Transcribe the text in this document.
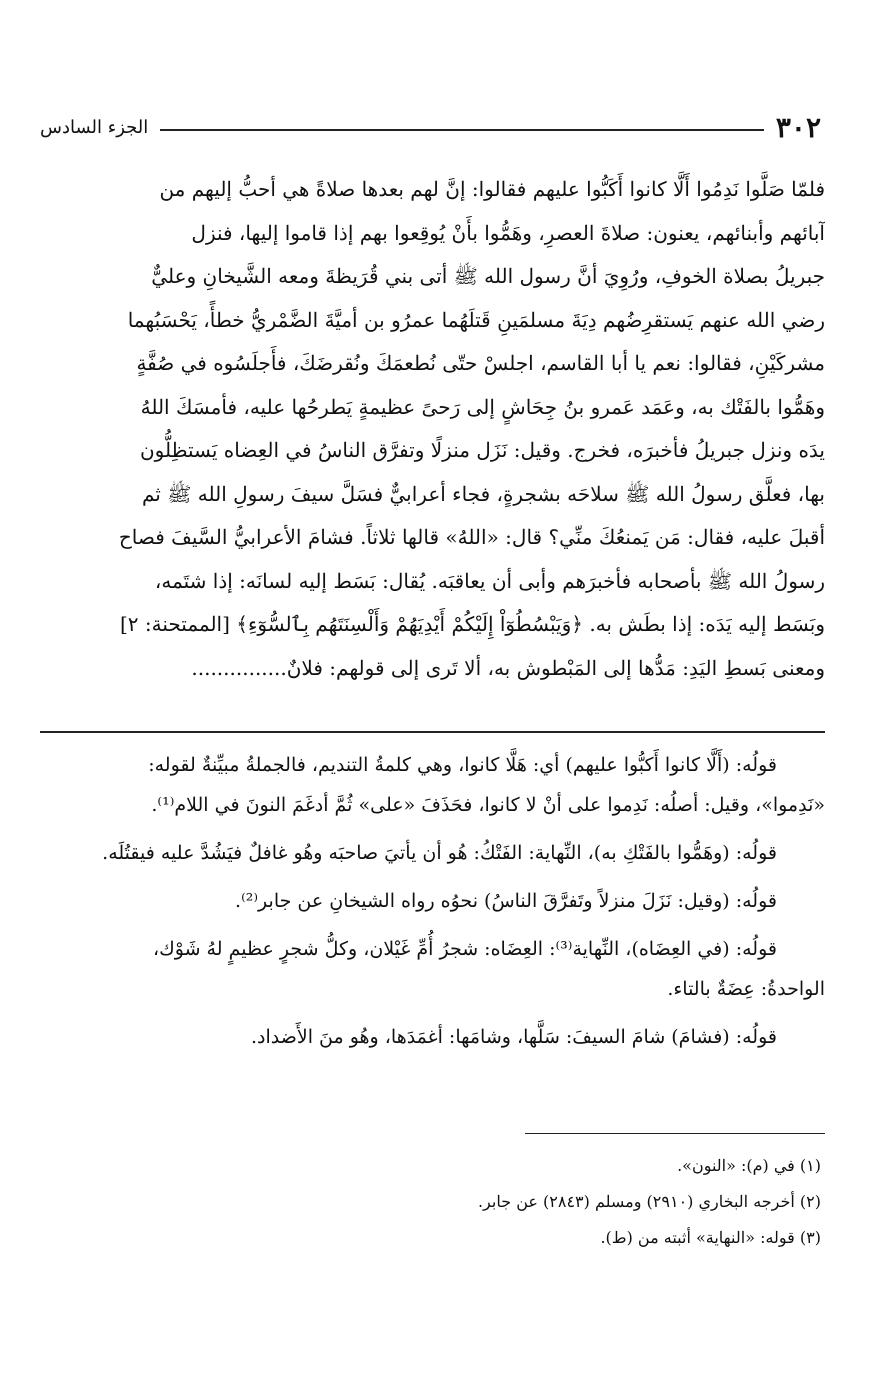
٣٠٢
الجزء السادس
فلمّا صَلَّوا نَدِمُوا أَلَّا كانوا أَكَبُّوا عليهم فقالوا: إنَّ لهم بعدها صلاةً هي أحبُّ إليهم من
آبائهم وأبنائهم، يعنون: صلاةَ العصرِ، وهَمُّوا بأَنْ يُوقِعوا بهم إذا قاموا إليها، فنزل
جبريلُ بصلاة الخوفِ، ورُوِيَ أنَّ رسول الله ﷺ أتى بني قُرَيظةَ ومعه الشَّيخانِ وعليٌّ
رضي الله عنهم يَستقرِضُهم دِيَةَ مسلمَينِ قَتلَهُما عمرُو بن أميَّةَ الضَّمْريُّ خطأً، يَحْسَبُهما
مشركَيْنِ، فقالوا: نعم يا أبا القاسم، اجلسْ حتّى نُطعمَكَ ونُقرضَكَ، فأَجلَسُوه في صُفَّةٍ
وهَمُّوا بالفَتْك به، وعَمَد عَمرو بنُ جِحَاشٍ إلى رَحىً عظيمةٍ يَطرحُها عليه، فأمسَكَ اللهُ
يدَه ونزل جبريلُ فأخبرَه، فخرج. وقيل: نَزَل منزلًا وتفرَّق الناسُ في العِضاه يَستظِلُّون
بها، فعلَّق رسولُ الله ﷺ سلاحَه بشجرةٍ، فجاء أعرابيٌّ فسَلَّ سيفَ رسولِ الله ﷺ ثم
أقبلَ عليه، فقال: مَن يَمنعُكَ منِّي؟ قال: «اللهُ» قالها ثلاثاً. فشامَ الأعرابيُّ السَّيفَ فصاح
رسولُ الله ﷺ بأصحابه فأخبرَهم وأبى أن يعاقبَه. يُقال: بَسَط إليه لسانَه: إذا شتَمه،
وبَسَط إليه يَدَه: إذا بطَش به. ﴿وَيَبْسُطُوٓاْ إِلَيْكُمْ أَيْدِيَهُمْ وَأَلْسِنَتَهُم بِٱلسُّوٓءِ﴾ [الممتحنة: ٢]
ومعنى بَسطِ اليَدِ: مَدُّها إلى المَبْطوش به، ألا تَرى إلى قولهم: فلانٌ...............
قولُه: (أَلَّا كانوا أَكبُّوا عليهم) أي: هَلَّا كانوا، وهي كلمةُ التنديم، فالجملةُ مبيِّنةٌ لقوله:
«نَدِموا»، وقيل: أصلُه: نَدِموا على أنْ لا كانوا، فحَذَفَ «على» ثُمَّ أدغَمَ النونَ في اللام⁽¹⁾.
قولُه: (وهَمُّوا بالفَتْكِ به)، النِّهاية: الفَتْكُ: هُو أن يأتيَ صاحبَه وهُو غافلٌ فيَشُدَّ عليه فيقتُلَه.
قولُه: (وقيل: نَزَلَ منزلاً وتَفرَّقَ الناسُ) نحوُه رواه الشيخانِ عن جابر⁽²⁾.
قولُه: (في العِضَاه)، النِّهاية⁽³⁾: العِضَاه: شجرُ أُمِّ غَيْلان، وكلُّ شجرٍ عظيمٍ لهُ شَوْك،
الواحدةُ: عِضَةٌ بالتاء.
قولُه: (فشامَ) شامَ السيفَ: سَلَّها، وشامَها: أغمَدَها، وهُو منَ الأَضداد.
(١) في (م): «النون».
(٢) أخرجه البخاري (٢٩١٠) ومسلم (٢٨٤٣) عن جابر.
(٣) قوله: «النهاية» أثبته من (ط).
